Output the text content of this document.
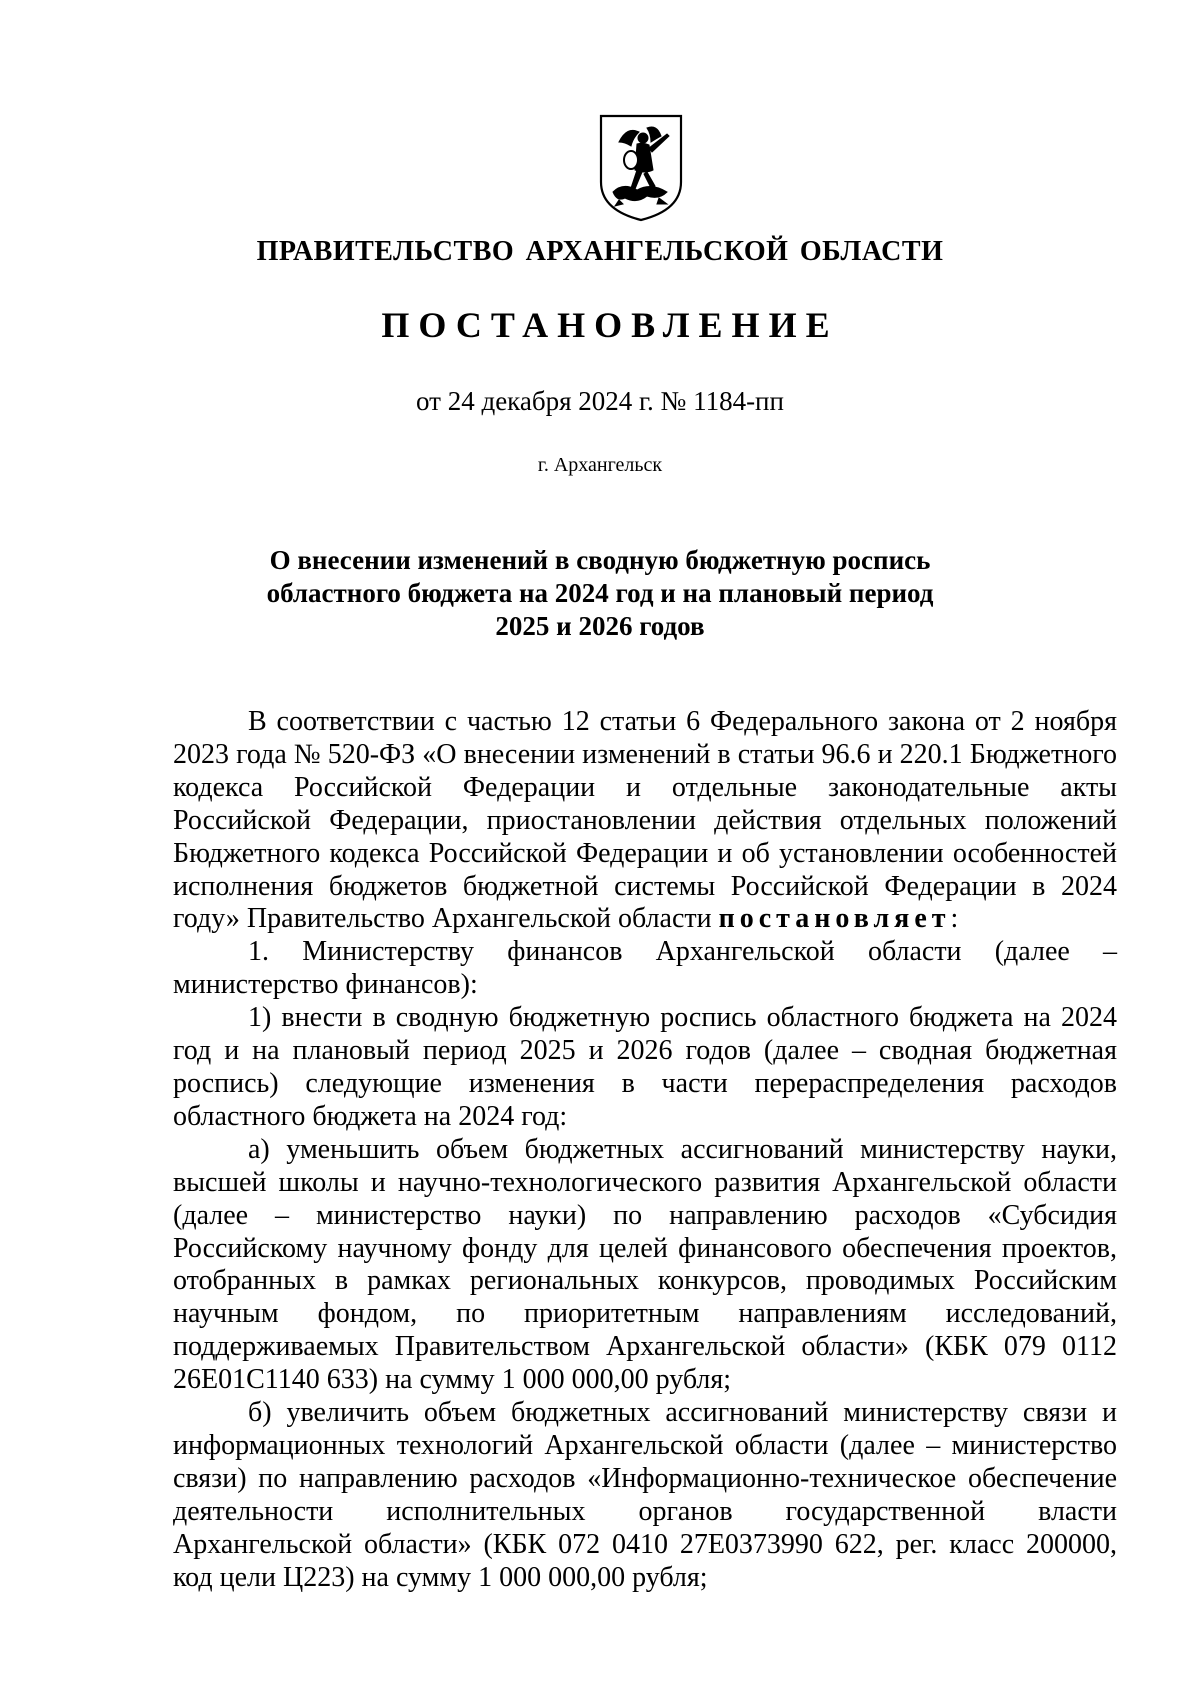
ПРАВИТЕЛЬСТВО АРХАНГЕЛЬСКОЙ ОБЛАСТИ
ПОСТАНОВЛЕНИЕ
от 24 декабря 2024 г. № 1184-пп
г. Архангельск
О внесении изменений в сводную бюджетную роспись
областного бюджета на 2024 год и на плановый период
2025 и 2026 годов

В соответствии с частью 12 статьи 6 Федерального закона от 2 ноября 2023 года № 520-ФЗ «О внесении изменений в статьи 96.6 и 220.1 Бюджетного кодекса Российской Федерации и отдельные законодательные акты Российской Федерации, приостановлении действия отдельных положений Бюджетного кодекса Российской Федерации и об установлении особенностей исполнения бюджетов бюджетной системы Российской Федерации в 2024 году» Правительство Архангельской области постановляет:

1. Министерству финансов Архангельской области (далее – министерство финансов):

1) внести в сводную бюджетную роспись областного бюджета на 2024 год и на плановый период 2025 и 2026 годов (далее – сводная бюджетная роспись) следующие изменения в части перераспределения расходов областного бюджета на 2024 год:

а) уменьшить объем бюджетных ассигнований министерству науки, высшей школы и научно-технологического развития Архангельской области (далее – министерство науки) по направлению расходов «Субсидия Российскому научному фонду для целей финансового обеспечения проектов, отобранных в рамках региональных конкурсов, проводимых Российским научным фондом, по приоритетным направлениям исследований, поддерживаемых Правительством Архангельской области» (КБК 079 0112 26Е01С1140 633) на сумму 1 000 000,00 рубля;

б) увеличить объем бюджетных ассигнований министерству связи и информационных технологий Архангельской области (далее – министерство связи) по направлению расходов «Информационно-техническое обеспечение деятельности исполнительных органов государственной власти Архангельской области» (КБК 072 0410 27Е0373990 622, рег. класс 200000, код цели Ц223) на сумму 1 000 000,00 рубля;
